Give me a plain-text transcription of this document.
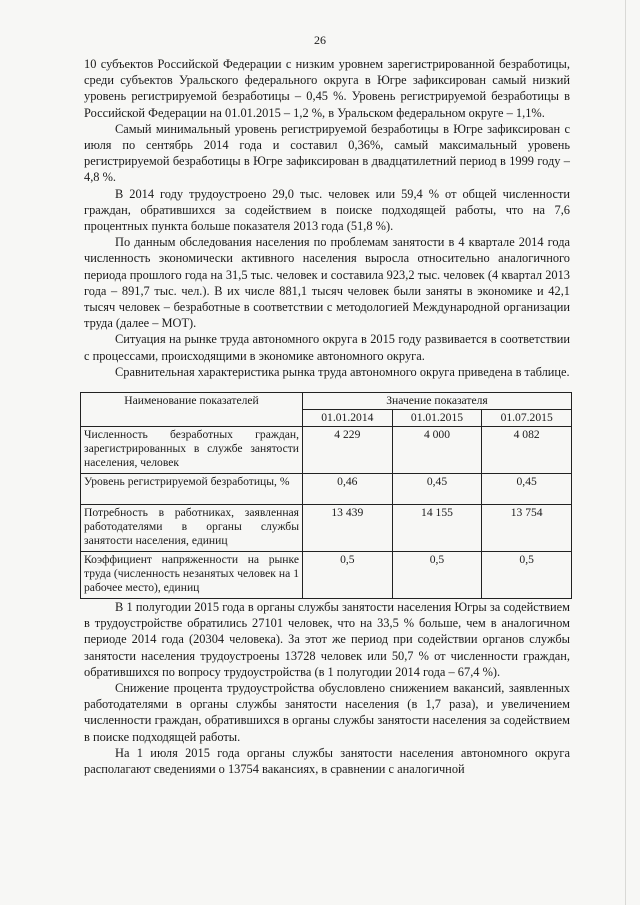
26

10 субъектов Российской Федерации с низким уровнем зарегистрированной безработицы, среди субъектов Уральского федерального округа в Югре зафиксирован самый низкий уровень регистрируемой безработицы – 0,45 %. Уровень регистрируемой безработицы в Российской Федерации на 01.01.2015 – 1,2 %, в Уральском федеральном округе – 1,1%.

Самый минимальный уровень регистрируемой безработицы в Югре зафиксирован с июля по сентябрь 2014 года и составил 0,36%, самый максимальный уровень регистрируемой безработицы в Югре зафиксирован в двадцатилетний период в 1999 году – 4,8 %.

В 2014 году трудоустроено 29,0 тыс. человек или 59,4 % от общей численности граждан, обратившихся за содействием в поиске подходящей работы, что на 7,6 процентных пункта больше показателя 2013 года (51,8 %).

По данным обследования населения по проблемам занятости в 4 квартале 2014 года численность экономически активного населения выросла относительно аналогичного периода прошлого года на 31,5 тыс. человек и составила 923,2 тыс. человек (4 квартал 2013 года – 891,7 тыс. чел.). В их числе 881,1 тысяч человек были заняты в экономике и 42,1 тысяч человек – безработные в соответствии с методологией Международной организации труда (далее – МОТ).

Ситуация на рынке труда автономного округа в 2015 году развивается в соответствии с процессами, происходящими в экономике автономного округа.

Сравнительная характеристика рынка труда автономного округа приведена в таблице.

Наименование показателей	Значение показателя		
	01.01.2014	01.01.2015	01.07.2015
Численность безработных граждан, зарегистрированных в службе занятости населения, человек	4 229	4 000	4 082
Уровень регистрируемой безработицы, %	0,46	0,45	0,45
Потребность в работниках, заявленная работодателями в органы службы занятости населения, единиц	13 439	14 155	13 754
Коэффициент напряженности на рынке труда (численность незанятых человек на 1 рабочее место), единиц	0,5	0,5	0,5

В 1 полугодии 2015 года в органы службы занятости населения Югры за содействием в трудоустройстве обратились 27101 человек, что на 33,5 % больше, чем в аналогичном периоде 2014 года (20304 человека). За этот же период при содействии органов службы занятости населения трудоустроены 13728 человек или 50,7 % от численности граждан, обратившихся по вопросу трудоустройства (в 1 полугодии 2014 года – 67,4 %).

Снижение процента трудоустройства обусловлено снижением вакансий, заявленных работодателями в органы службы занятости населения (в 1,7 раза), и увеличением численности граждан, обратившихся в органы службы занятости населения за содействием в поиске подходящей работы.

На 1 июля 2015 года органы службы занятости населения автономного округа располагают сведениями о 13754 вакансиях, в сравнении с аналогичной
